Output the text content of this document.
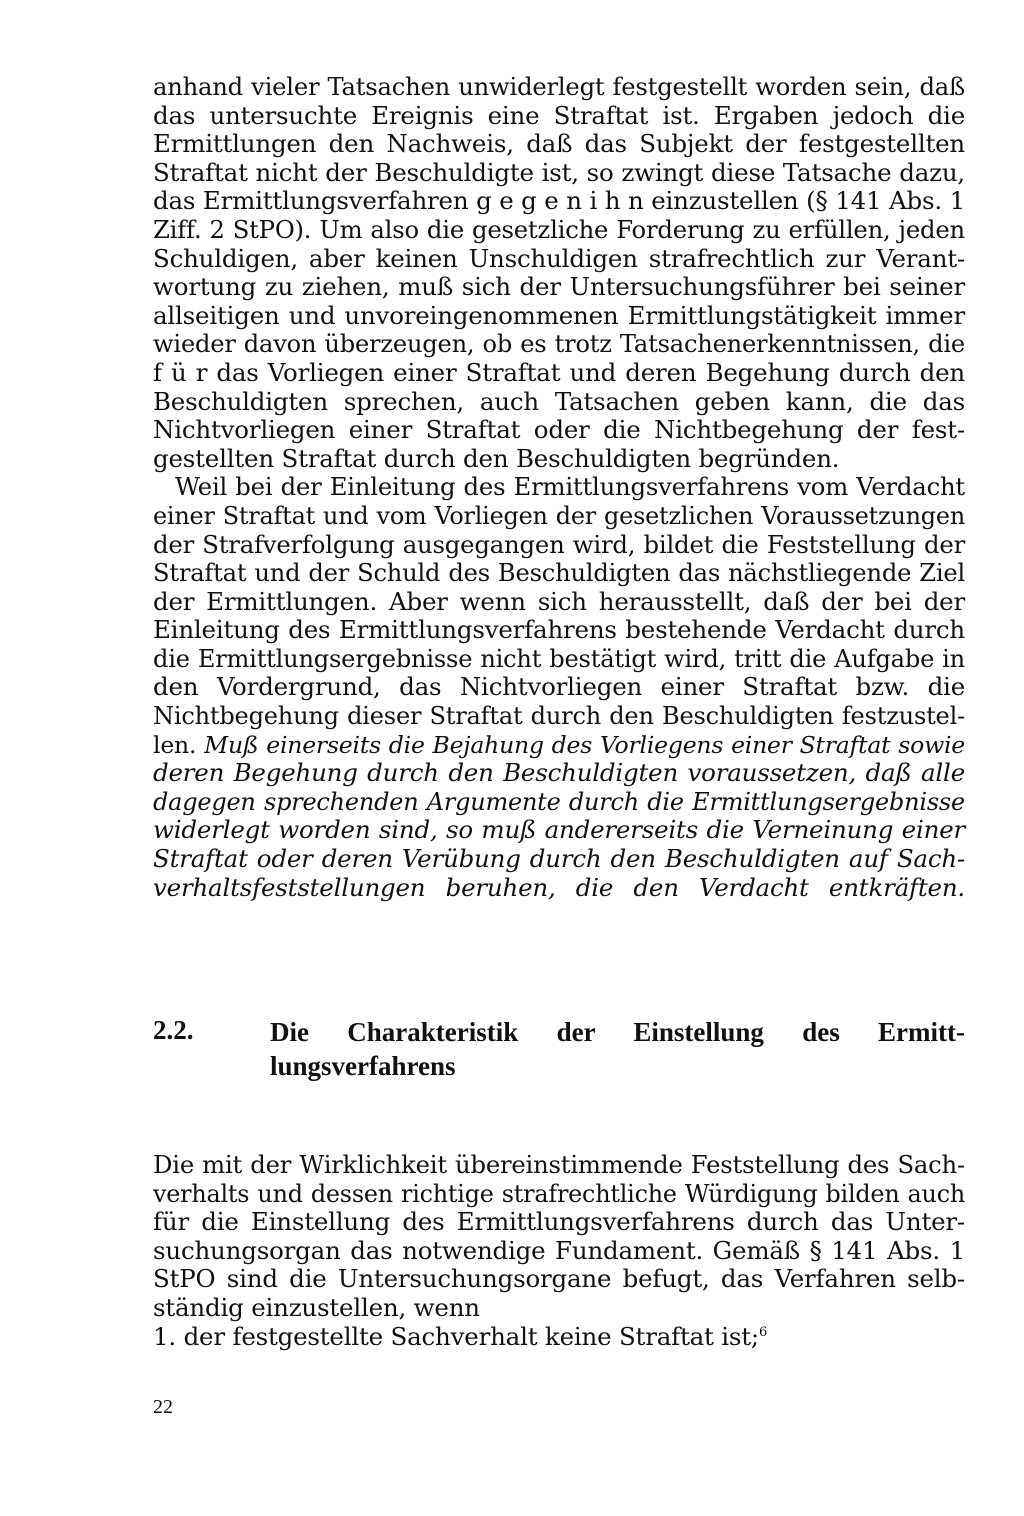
anhand vieler Tatsachen unwiderlegt festgestellt worden sein, daß
das untersuchte Ereignis eine Straftat ist. Ergaben jedoch die
Ermittlungen den Nachweis, daß das Subjekt der festgestellten
Straftat nicht der Beschuldigte ist, so zwingt diese Tatsache dazu,
das Ermittlungsverfahren g e g e n i h n einzustellen (§ 141 Abs. 1
Ziff. 2 StPO). Um also die gesetzliche Forderung zu erfüllen, jeden
Schuldigen, aber keinen Unschuldigen strafrechtlich zur Verant-
wortung zu ziehen, muß sich der Untersuchungsführer bei seiner
allseitigen und unvoreingenommenen Ermittlungstätigkeit immer
wieder davon überzeugen, ob es trotz Tatsachenerkenntnissen, die
f ü r das Vorliegen einer Straftat und deren Begehung durch den
Beschuldigten sprechen, auch Tatsachen geben kann, die das
Nichtvorliegen einer Straftat oder die Nichtbegehung der fest-
gestellten Straftat durch den Beschuldigten begründen.
Weil bei der Einleitung des Ermittlungsverfahrens vom Verdacht
einer Straftat und vom Vorliegen der gesetzlichen Voraussetzungen
der Strafverfolgung ausgegangen wird, bildet die Feststellung der
Straftat und der Schuld des Beschuldigten das nächstliegende Ziel
der Ermittlungen. Aber wenn sich herausstellt, daß der bei der
Einleitung des Ermittlungsverfahrens bestehende Verdacht durch
die Ermittlungsergebnisse nicht bestätigt wird, tritt die Aufgabe in
den Vordergrund, das Nichtvorliegen einer Straftat bzw. die
Nichtbegehung dieser Straftat durch den Beschuldigten festzustel-
len. Muß einerseits die Bejahung des Vorliegens einer Straftat sowie
deren Begehung durch den Beschuldigten voraussetzen, daß alle
dagegen sprechenden Argumente durch die Ermittlungsergebnisse
widerlegt worden sind, so muß andererseits die Verneinung einer
Straftat oder deren Verübung durch den Beschuldigten auf Sach-
verhaltsfeststellungen beruhen, die den Verdacht entkräften.
2.2.	Die Charakteristik der Einstellung des Ermitt-
lungsverfahrens
Die mit der Wirklichkeit übereinstimmende Feststellung des Sach-
verhalts und dessen richtige strafrechtliche Würdigung bilden auch
für die Einstellung des Ermittlungsverfahrens durch das Unter-
suchungsorgan das notwendige Fundament. Gemäß § 141 Abs. 1
StPO sind die Untersuchungsorgane befugt, das Verfahren selb-
ständig einzustellen, wenn
1. der festgestellte Sachverhalt keine Straftat ist;$^6$
22
